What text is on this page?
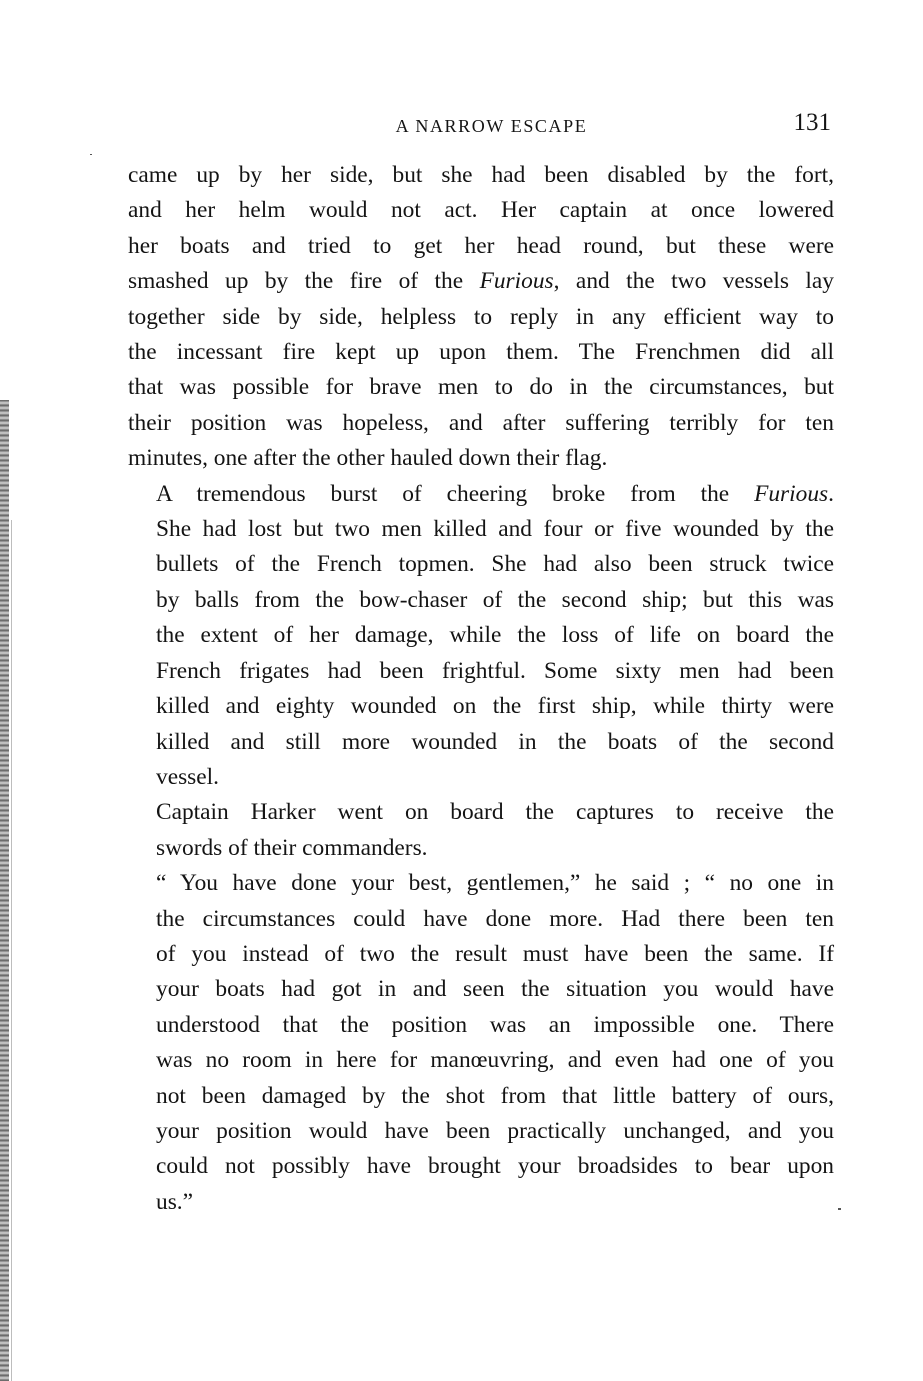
A NARROW ESCAPE	131

came up by her side, but she had been disabled by the fort,
and her helm would not act. Her captain at once lowered
her boats and tried to get her head round, but these were
smashed up by the fire of the Furious, and the two vessels lay
together side by side, helpless to reply in any efficient way to
the incessant fire kept up upon them. The Frenchmen did all
that was possible for brave men to do in the circumstances, but
their position was hopeless, and after suffering terribly for ten
minutes, one after the other hauled down their flag.

A tremendous burst of cheering broke from the Furious.
She had lost but two men killed and four or five wounded by the
bullets of the French topmen. She had also been struck twice
by balls from the bow-chaser of the second ship; but this was
the extent of her damage, while the loss of life on board the
French frigates had been frightful. Some sixty men had been
killed and eighty wounded on the first ship, while thirty were
killed and still more wounded in the boats of the second
vessel.

Captain Harker went on board the captures to receive the
swords of their commanders.

“ You have done your best, gentlemen,” he said ; “ no one in
the circumstances could have done more. Had there been ten
of you instead of two the result must have been the same. If
your boats had got in and seen the situation you would have
understood that the position was an impossible one. There
was no room in here for manœuvring, and even had one of you
not been damaged by the shot from that little battery of ours,
your position would have been practically unchanged, and you
could not possibly have brought your broadsides to bear upon
us.”
